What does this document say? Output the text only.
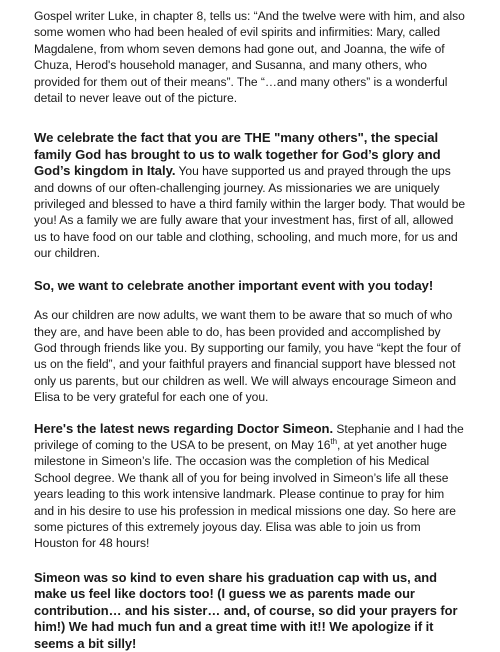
Gospel writer Luke, in chapter 8, tells us: “And the twelve were with him, and also some women who had been healed of evil spirits and infirmities: Mary, called Magdalene, from whom seven demons had gone out, and Joanna, the wife of Chuza, Herod's household manager, and Susanna, and many others, who provided for them out of their means”. The “…and many others” is a wonderful detail to never leave out of the picture.

We celebrate the fact that you are THE "many others", the special family God has brought to us to walk together for God’s glory and God’s kingdom in Italy. You have supported us and prayed through the ups and downs of our often-challenging journey. As missionaries we are uniquely privileged and blessed to have a third family within the larger body. That would be you! As a family we are fully aware that your investment has, first of all, allowed us to have food on our table and clothing, schooling, and much more, for us and our children.

So, we want to celebrate another important event with you today!

As our children are now adults, we want them to be aware that so much of who they are, and have been able to do, has been provided and accomplished by God through friends like you. By supporting our family, you have “kept the four of us on the field”, and your faithful prayers and financial support have blessed not only us parents, but our children as well. We will always encourage Simeon and Elisa to be very grateful for each one of you.

Here's the latest news regarding Doctor Simeon. Stephanie and I had the privilege of coming to the USA to be present, on May 16th, at yet another huge milestone in Simeon’s life. The occasion was the completion of his Medical School degree. We thank all of you for being involved in Simeon’s life all these years leading to this work intensive landmark. Please continue to pray for him and in his desire to use his profession in medical missions one day. So here are some pictures of this extremely joyous day. Elisa was able to join us from Houston for 48 hours!

Simeon was so kind to even share his graduation cap with us, and make us feel like doctors too! (I guess we as parents made our contribution… and his sister… and, of course, so did your prayers for him!) We had much fun and a great time with it!! We apologize if it seems a bit silly!
